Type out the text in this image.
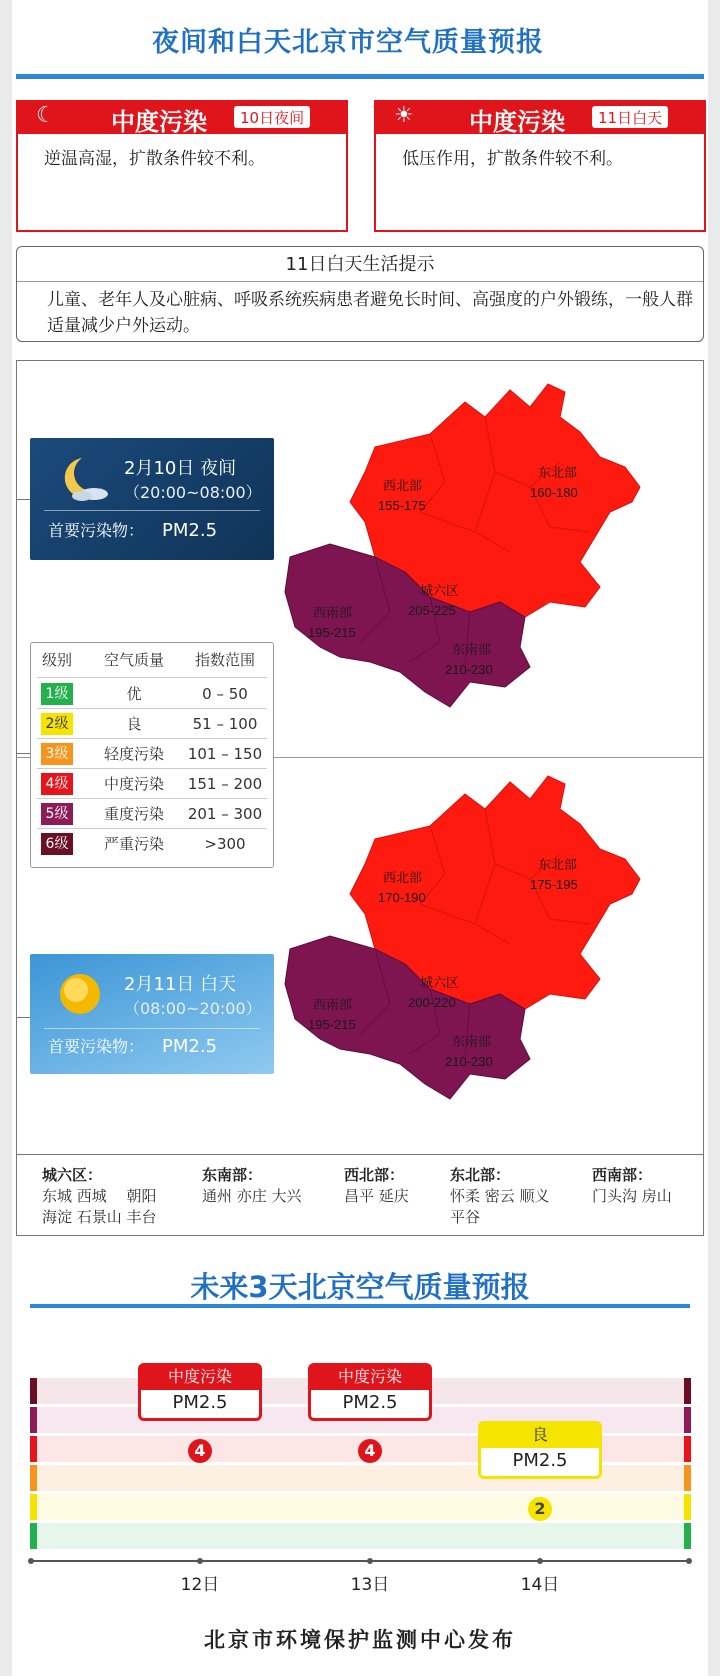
夜间和白天北京市空气质量预报
☾ 中度污染	10日夜间
逆温高湿，扩散条件较不利。
☀ 中度污染	11日白天
低压作用，扩散条件较不利。
11日白天生活提示
儿童、老年人及心脏病、呼吸系统疾病患者避免长时间、高强度的户外锻练，一般人群适量减少户外运动。
西北部
155-175
东北部
160-180
西南部
195-215
城六区
205-225
东南部
210-230
西北部
170-190
东北部
175-195
西南部
195-215
城六区
200-220
东南部
210-230
2月10日 夜间
（20:00~08:00）
首要污染物： PM2.5
级别	空气质量	指数范围
1级	优	0 – 50
2级	良	51 – 100
3级	轻度污染	101 – 150
4级	中度污染	151 – 200
5级	重度污染	201 – 300
6级	严重污染	>300
2月11日 白天
（08:00~20:00）
首要污染物： PM2.5
城六区：
东城 西城　 朝阳
海淀 石景山 丰台
东南部：
通州 亦庄 大兴
西北部：
昌平 延庆
东北部：
怀柔 密云 顺义
平谷
西南部：
门头沟 房山
未来3天北京空气质量预报
中度污染
PM2.5
4
12日
中度污染
PM2.5
4
13日
良
PM2.5
2
14日
北京市环境保护监测中心发布
